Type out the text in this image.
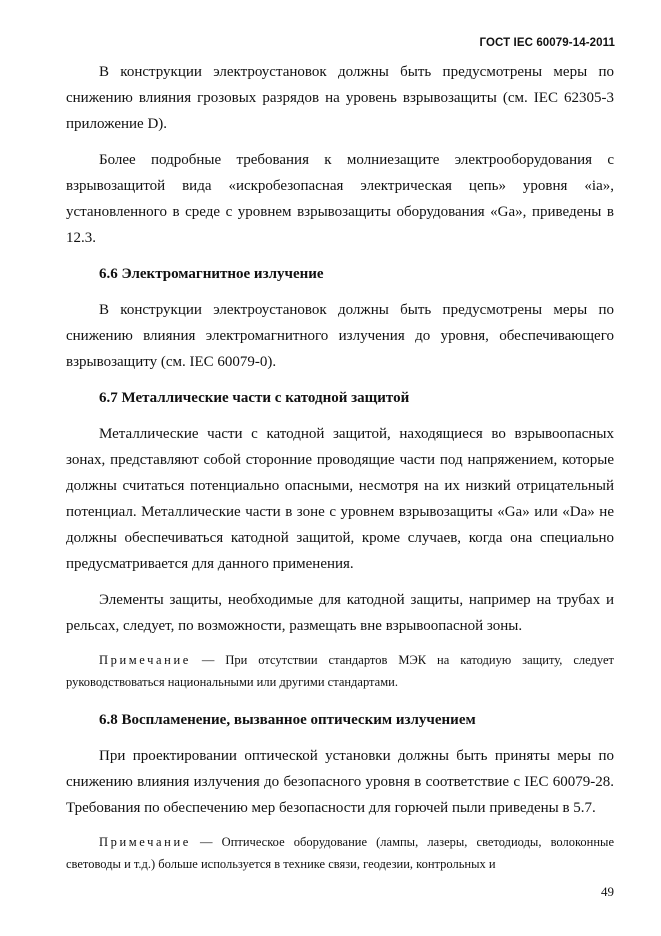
ГОСТ IEC 60079-14-2011

В конструкции электроустановок должны быть предусмотрены меры по снижению влияния грозовых разрядов на уровень взрывозащиты (см. IEC 62305-3 приложение D).

Более подробные требования к молниезащите электрооборудования с взрывозащитой вида «искробезопасная электрическая цепь» уровня «ia», установленного в среде с уровнем взрывозащиты оборудования «Ga», приведены в 12.3.

6.6 Электромагнитное излучение

В конструкции электроустановок должны быть предусмотрены меры по снижению влияния электромагнитного излучения до уровня, обеспечивающего взрывозащиту (см. IEC 60079-0).

6.7 Металлические части с катодной защитой

Металлические части с катодной защитой, находящиеся во взрывоопасных зонах, представляют собой сторонние проводящие части под напряжением, которые должны считаться потенциально опасными, несмотря на их низкий отрицательный потенциал. Металлические части в зоне с уровнем взрывозащиты «Ga» или «Da» не должны обеспечиваться катодной защитой, кроме случаев, когда она специально предусматривается для данного применения.

Элементы защиты, необходимые для катодной защиты, например на трубах и рельсах, следует, по возможности, размещать вне взрывоопасной зоны.

Примечание — При отсутствии стандартов МЭК на катодиую защиту, следует руководствоваться национальными или другими стандартами.

6.8 Воспламенение, вызванное оптическим излучением

При проектировании оптической установки должны быть приняты меры по снижению влияния излучения до безопасного уровня в соответствие с IEC 60079-28. Требования по обеспечению мер безопасности для горючей пыли приведены в 5.7.

Примечание — Оптическое оборудование (лампы, лазеры, светодиоды, волоконные световоды и т.д.) больше используется в технике связи, геодезии, контрольных и

49
